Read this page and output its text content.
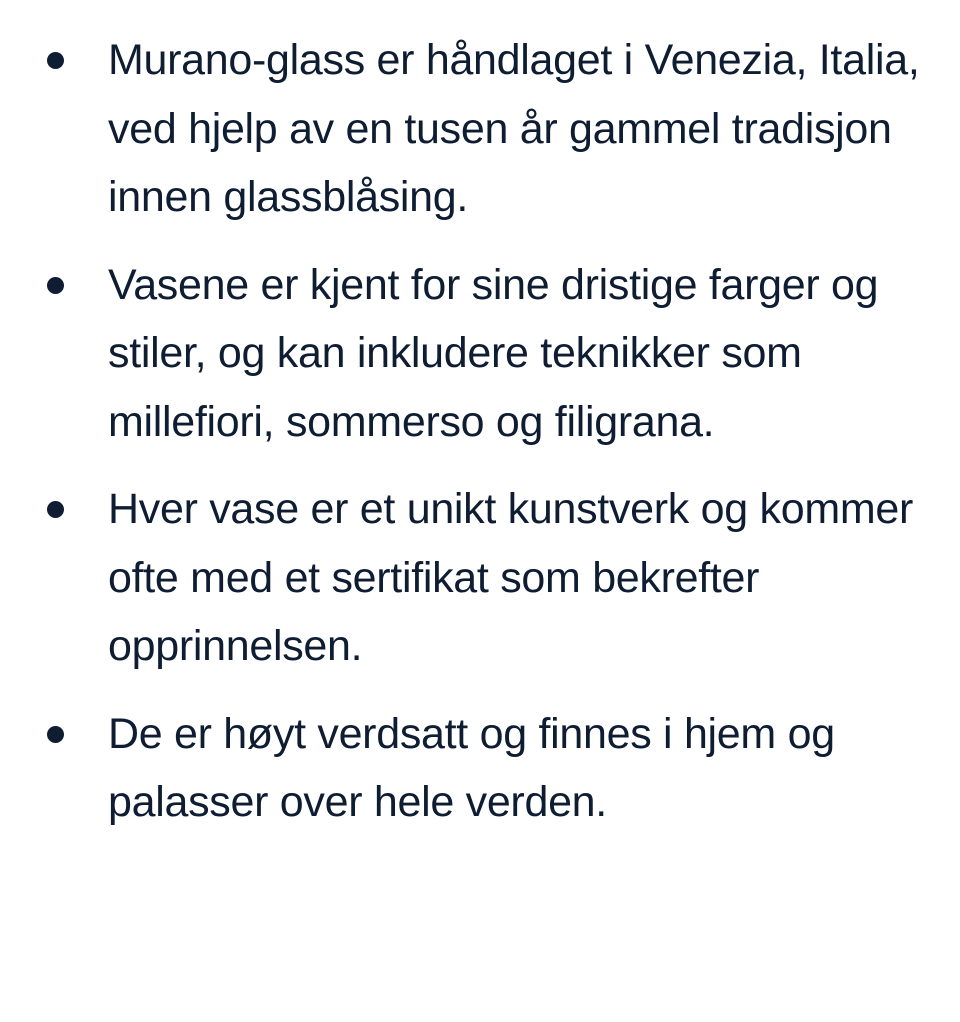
Murano-glass er håndlaget i Venezia, Italia, ved hjelp av en tusen år gammel tradisjon innen glassblåsing.
Vasene er kjent for sine dristige farger og stiler, og kan inkludere teknikker som millefiori, sommerso og filigrana.
Hver vase er et unikt kunstverk og kommer ofte med et sertifikat som bekrefter opprinnelsen.
De er høyt verdsatt og finnes i hjem og palasser over hele verden.
